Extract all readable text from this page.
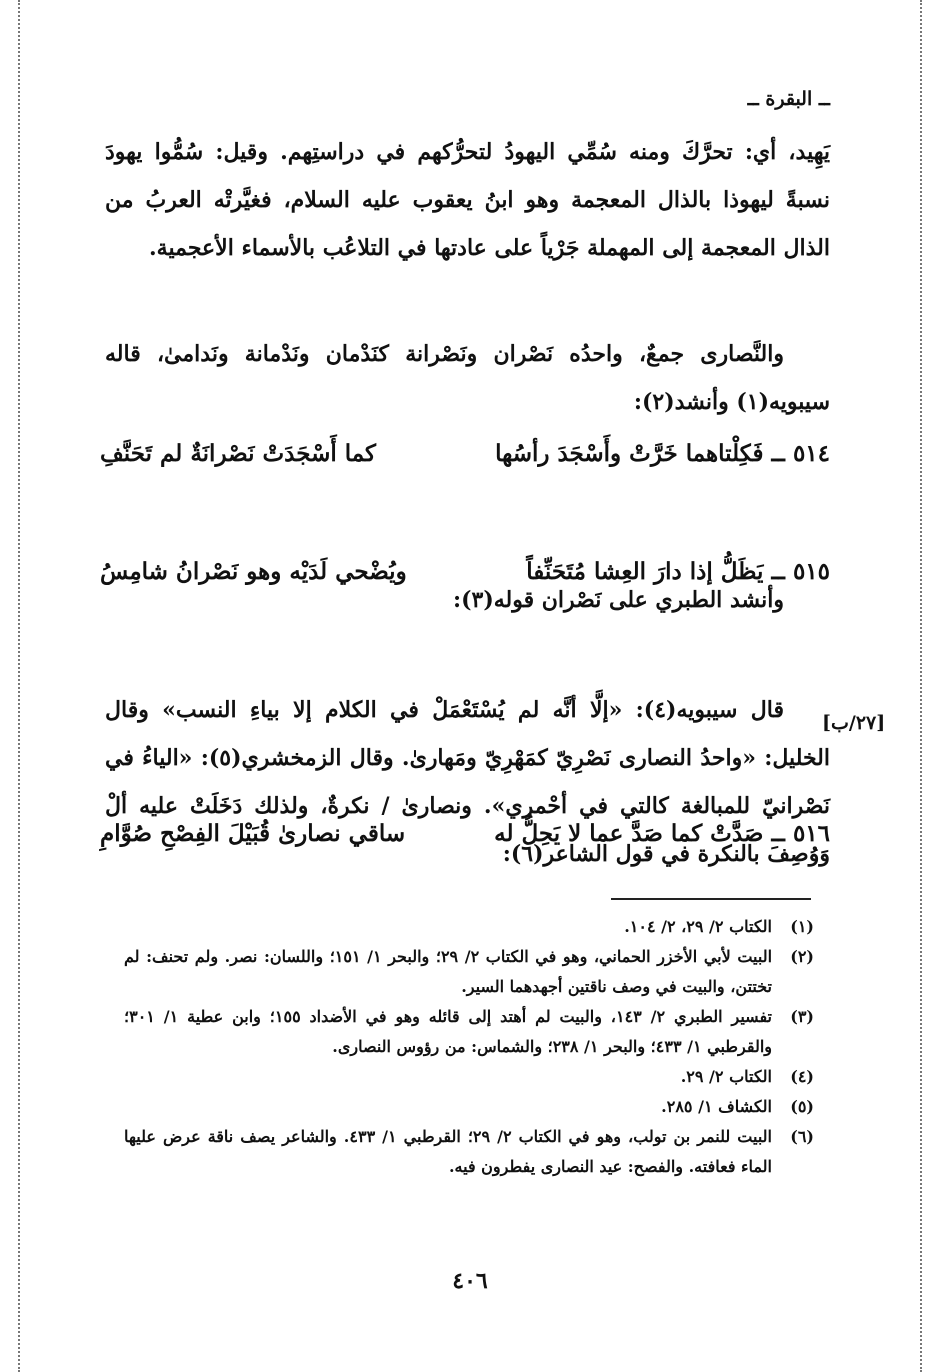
ــ البقرة ــ
يَهِيد، أي: تحرَّكَ ومنه سُمِّي اليهودُ لتحرُّكهم في دراستِهم. وقيل: سُمُّوا يهودَ نسبةً ليهوذا بالذال المعجمة وهو ابنُ يعقوب عليه السلام، فغيَّرتْه العربُ من الذال المعجمة إلى المهملة جَرْياً على عادتها في التلاعُب بالأسماء الأعجمية.
والنَّصارى جمعٌ، واحدُه نَصْران ونَصْرانة كنَدْمان ونَدْمانة ونَدامىٰ، قاله سيبويه(١) وأنشد(٢):
٥١٤ ــ فَكِلْتاهما خَرَّتْ وأَسْجَدَ رأسُها
كما أَسْجَدَتْ نَصْرانَةٌ لم تَحَنَّفِ
وأنشد الطبري على نَصْران قوله(٣):
٥١٥ ــ يَظَلُّ إذا دارَ العِشا مُتَحَنِّفاً
ويُضْحي لَدَيْه وهو نَصْرانُ شامِسُ
قال سيبويه(٤): «إلَّا أنَّه لم يُسْتَعْمَلْ في الكلام إلا بياءِ النسب» وقال الخليل: «واحدُ النصارى نَصْرِيّ كمَهْرِيّ ومَهارىٰ. وقال الزمخشري(٥): «الياءُ في نَصْرانيّ للمبالغة كالتي في أحْمري». ونصارىٰ / نكرةٌ، ولذلك دَخَلَتْ عليه ألْ وَوُصِفَ بالنكرة في قول الشاعر(٦):
٥١٦ ــ صَدَّتْ كما صَدَّ عما لا يَحِلُّ له
ساقي نصارىٰ قُبَيْلَ الفِصْحِ صُوَّامِ
[٢٧/ب]
(١)
الكتاب ٢/ ٢٩، ٢/ ١٠٤.
(٢)
البيت لأبي الأخزر الحماني، وهو في الكتاب ٢/ ٢٩؛ والبحر ١/ ١٥١؛ واللسان: نصر. ولم تحنف: لم تختتن، والبيت في وصف ناقتين أجهدهما السير.
(٣)
تفسير الطبري ٢/ ١٤٣، والبيت لم أهتد إلى قائله وهو في الأضداد ١٥٥؛ وابن عطية ١/ ٣٠١؛ والقرطبي ١/ ٤٣٣؛ والبحر ١/ ٢٣٨؛ والشماس: من رؤوس النصارى.
(٤)
الكتاب ٢/ ٢٩.
(٥)
الكشاف ١/ ٢٨٥.
(٦)
البيت للنمر بن تولب، وهو في الكتاب ٢/ ٢٩؛ القرطبي ١/ ٤٣٣. والشاعر يصف ناقة عرض عليها الماء فعافته. والفصح: عيد النصارى يفطرون فيه.
٤٠٦
